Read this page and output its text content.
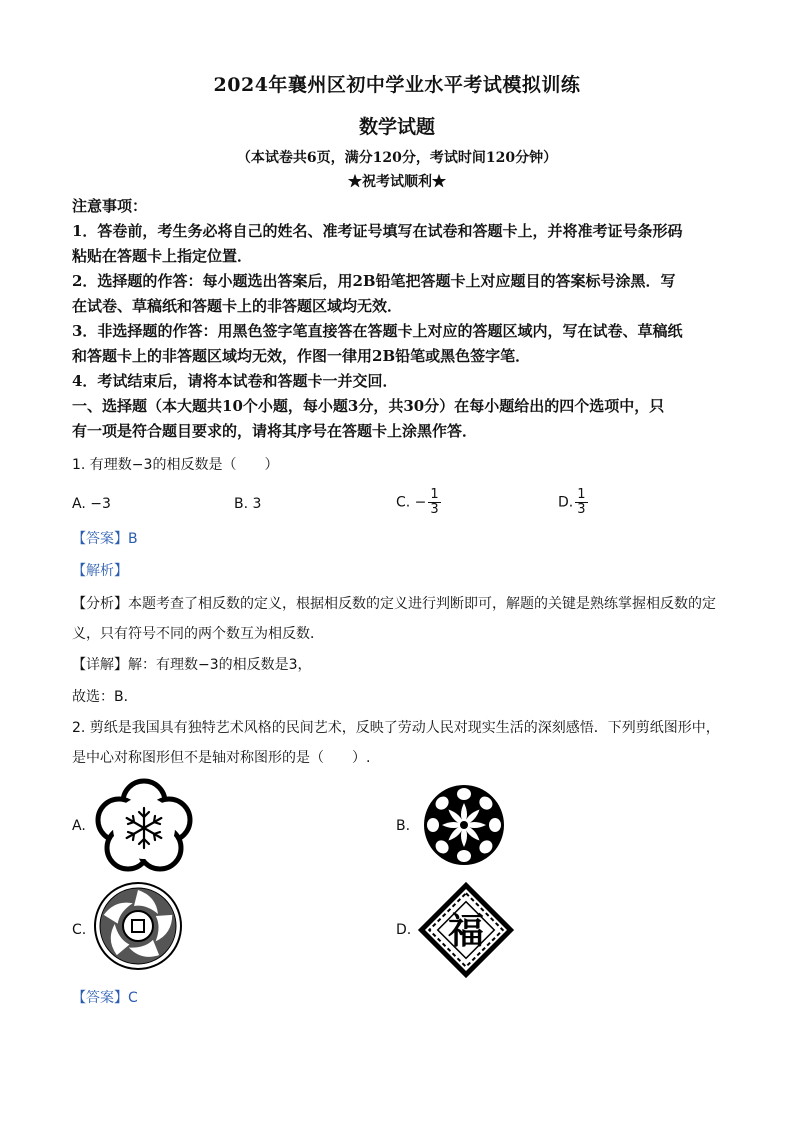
2024年襄州区初中学业水平考试模拟训练
数学试题
（本试卷共6页，满分120分，考试时间120分钟）
★祝考试顺利★
注意事项：
1．答卷前，考生务必将自己的姓名、准考证号填写在试卷和答题卡上，并将准考证号条形码
粘贴在答题卡上指定位置．
2．选择题的作答：每小题选出答案后，用2B铅笔把答题卡上对应题目的答案标号涂黑．写
在试卷、草稿纸和答题卡上的非答题区域均无效．
3．非选择题的作答：用黑色签字笔直接答在答题卡上对应的答题区域内，写在试卷、草稿纸
和答题卡上的非答题区域均无效，作图一律用2B铅笔或黑色签字笔．
4．考试结束后，请将本试卷和答题卡一并交回．
一、选择题（本大题共10个小题，每小题3分，共30分）在每小题给出的四个选项中，只
有一项是符合题目要求的，请将其序号在答题卡上涂黑作答．
1. 有理数−3的相反数是（　　）
A. −3	B. 3	C. − $\frac{1}{3}$	D. $\frac{1}{3}$
【答案】B
【解析】
【分析】本题考查了相反数的定义，根据相反数的定义进行判断即可，解题的关键是熟练掌握相反数的定
义，只有符号不同的两个数互为相反数．
【详解】解：有理数−3的相反数是3，
故选：B．
2. 剪纸是我国具有独特艺术风格的民间艺术，反映了劳动人民对现实生活的深刻感悟．下列剪纸图形中，
是中心对称图形但不是轴对称图形的是（　　）.
A.	B.
C.	D. 福
【答案】C
